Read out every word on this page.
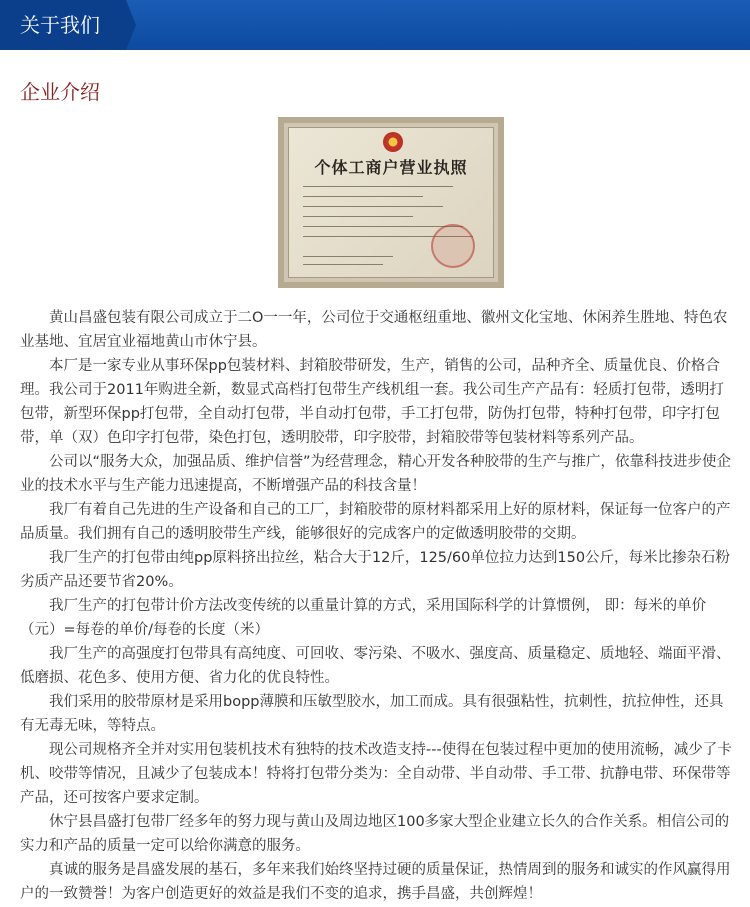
关于我们
企业介绍
个体工商户营业执照

黄山昌盛包装有限公司成立于二O一一年，公司位于交通枢纽重地、徽州文化宝地、休闲养生胜地、特色农业基地、宜居宜业福地黄山市休宁县。

本厂是一家专业从事环保pp包装材料、封箱胶带研发，生产，销售的公司，品种齐全、质量优良、价格合理。我公司于2011年购进全新，数显式高档打包带生产线机组一套。我公司生产产品有：轻质打包带，透明打包带，新型环保pp打包带，全自动打包带，半自动打包带，手工打包带，防伪打包带，特种打包带，印字打包带，单（双）色印字打包带，染色打包，透明胶带，印字胶带，封箱胶带等包装材料等系列产品。

公司以“服务大众，加强品质、维护信誉”为经营理念，精心开发各种胶带的生产与推广，依靠科技进步使企业的技术水平与生产能力迅速提高，不断增强产品的科技含量！

我厂有着自己先进的生产设备和自己的工厂，封箱胶带的原材料都采用上好的原材料，保证每一位客户的产品质量。我们拥有自己的透明胶带生产线，能够很好的完成客户的定做透明胶带的交期。

我厂生产的打包带由纯pp原料挤出拉丝，粘合大于12斤，125/60单位拉力达到150公斤，每米比掺杂石粉劣质产品还要节省20%。

我厂生产的打包带计价方法改变传统的以重量计算的方式，采用国际科学的计算惯例， 即：每米的单价（元）=每卷的单价/每卷的长度（米）

我厂生产的高强度打包带具有高纯度、可回收、零污染、不吸水、强度高、质量稳定、质地轻、端面平滑、低磨损、花色多、使用方便、省力化的优良特性。

我们采用的胶带原材是采用bopp薄膜和压敏型胶水，加工而成。具有很强粘性，抗刺性，抗拉伸性，还具有无毒无味，等特点。

现公司规格齐全并对实用包装机技术有独特的技术改造支持---使得在包装过程中更加的使用流畅，减少了卡机、咬带等情况，且减少了包装成本！特将打包带分类为：全自动带、半自动带、手工带、抗静电带、环保带等产品，还可按客户要求定制。

休宁县昌盛打包带厂经多年的努力现与黄山及周边地区100多家大型企业建立长久的合作关系。相信公司的实力和产品的质量一定可以给你满意的服务。

真诚的服务是昌盛发展的基石，多年来我们始终坚持过硬的质量保证，热情周到的服务和诚实的作风赢得用户的一致赞誉！为客户创造更好的效益是我们不变的追求，携手昌盛，共创辉煌！
